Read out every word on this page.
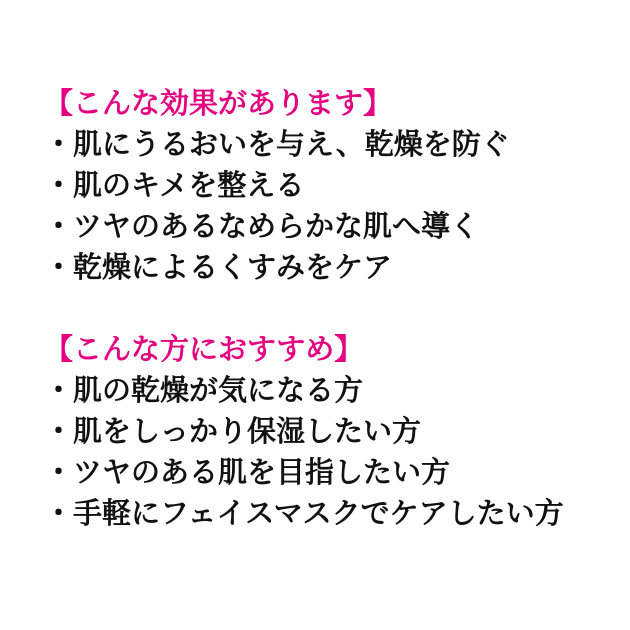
【こんな効果があります】

・肌にうるおいを与え、乾燥を防ぐ

・肌のキメを整える

・ツヤのあるなめらかな肌へ導く

・乾燥によるくすみをケア

【こんな方におすすめ】

・肌の乾燥が気になる方

・肌をしっかり保湿したい方

・ツヤのある肌を目指したい方

・手軽にフェイスマスクでケアしたい方
